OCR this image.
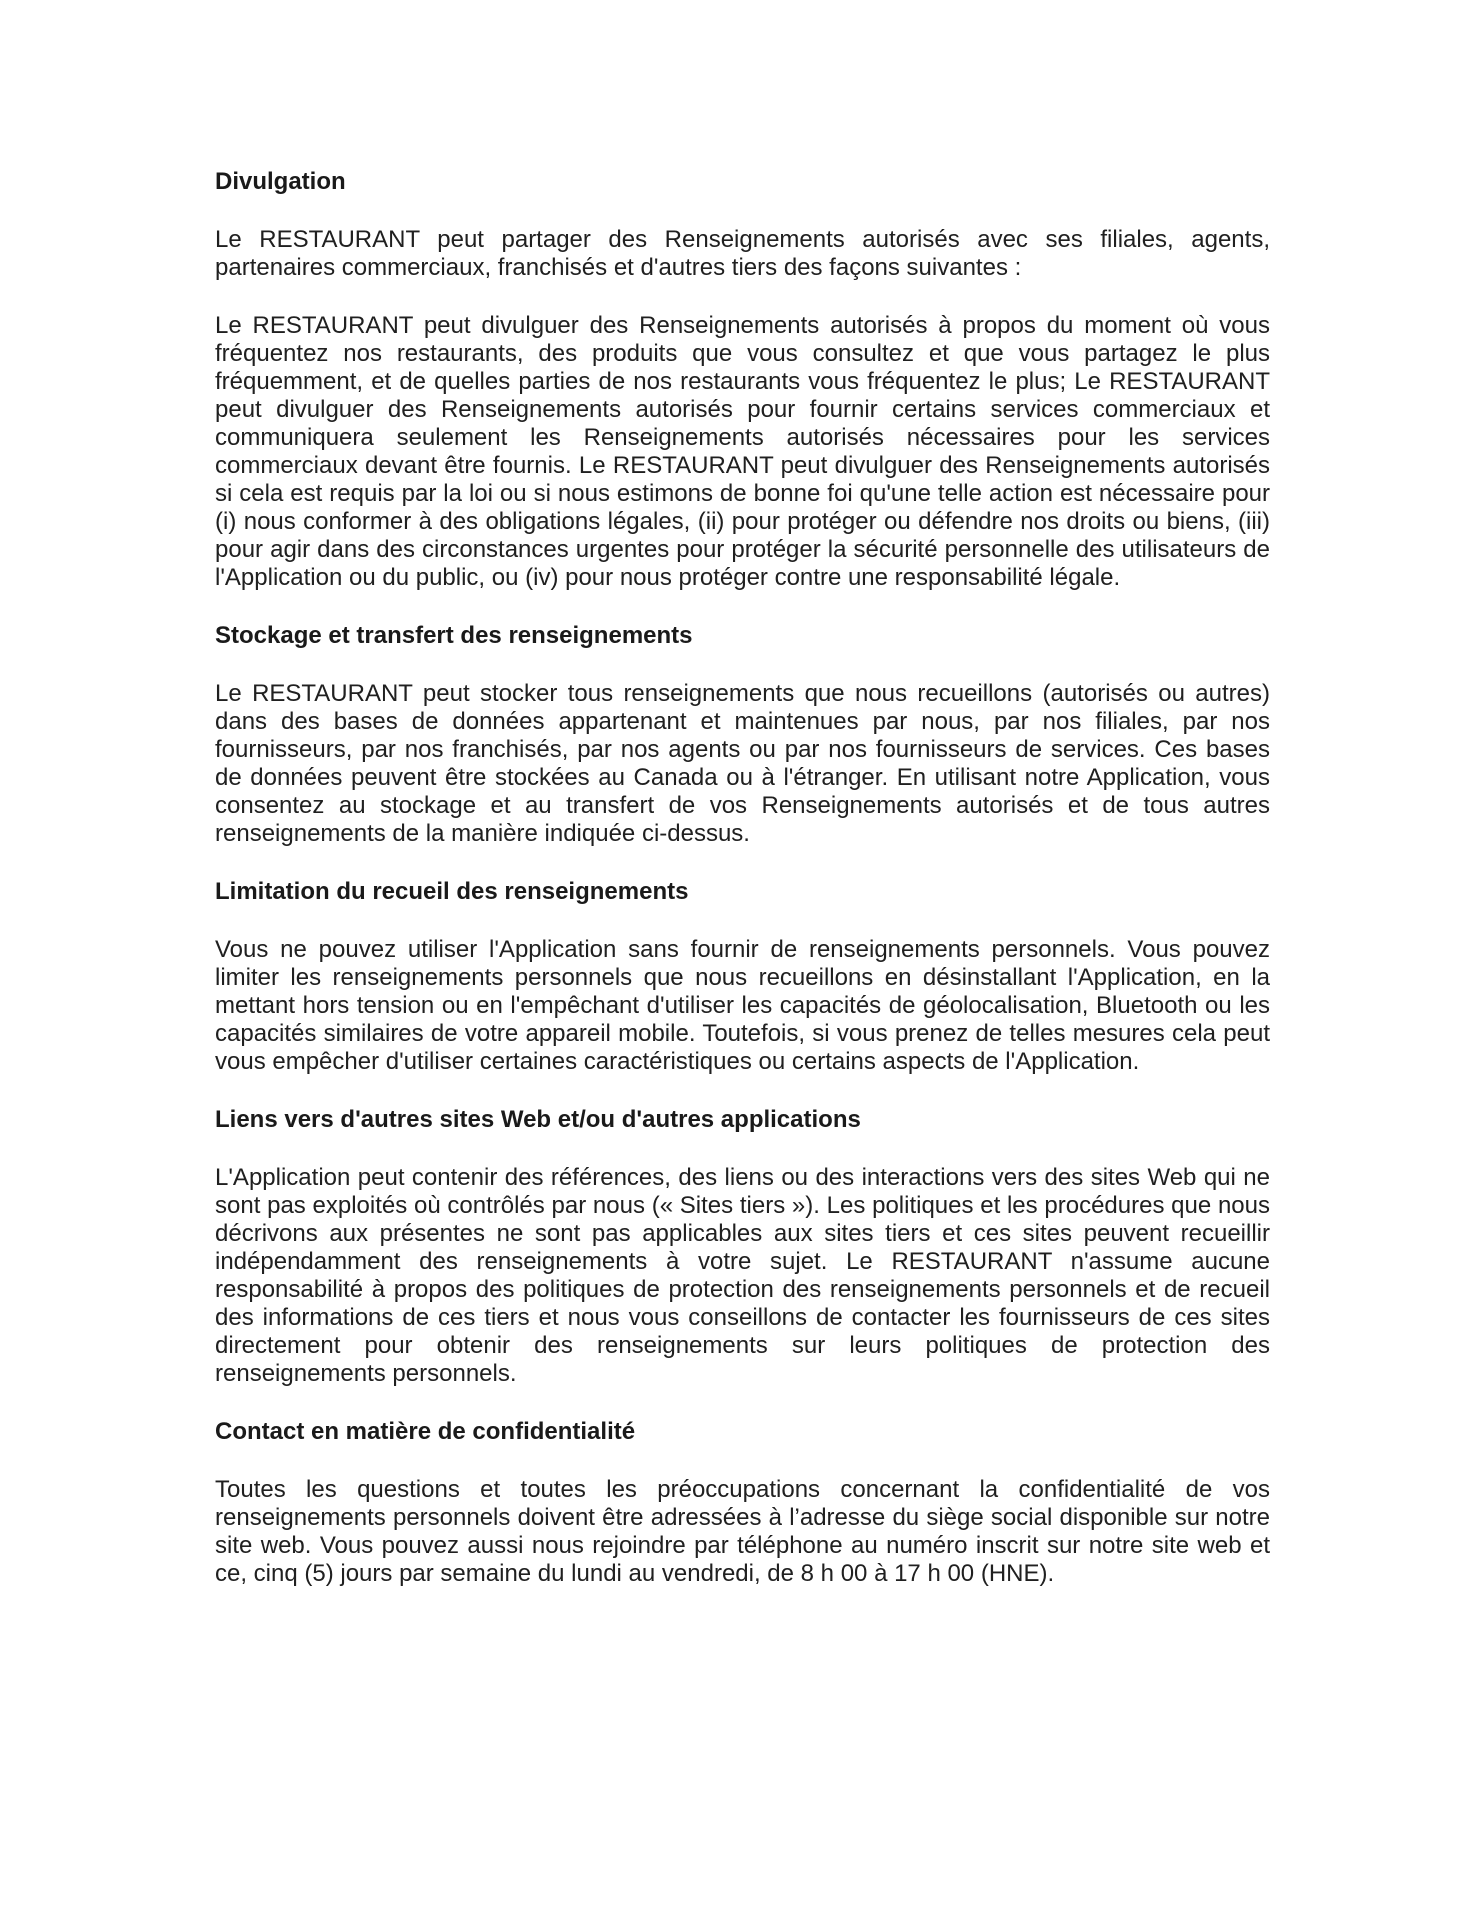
Divulgation

Le RESTAURANT peut partager des Renseignements autorisés avec ses filiales, agents, partenaires commerciaux, franchisés et d'autres tiers des façons suivantes :

Le RESTAURANT peut divulguer des Renseignements autorisés à propos du moment où vous fréquentez nos restaurants, des produits que vous consultez et que vous partagez le plus fréquemment, et de quelles parties de nos restaurants vous fréquentez le plus; Le RESTAURANT peut divulguer des Renseignements autorisés pour fournir certains services commerciaux et communiquera seulement les Renseignements autorisés nécessaires pour les services commerciaux devant être fournis. Le RESTAURANT peut divulguer des Renseignements autorisés si cela est requis par la loi ou si nous estimons de bonne foi qu'une telle action est nécessaire pour (i) nous conformer à des obligations légales, (ii) pour protéger ou défendre nos droits ou biens, (iii) pour agir dans des circonstances urgentes pour protéger la sécurité personnelle des utilisateurs de l'Application ou du public, ou (iv) pour nous protéger contre une responsabilité légale.

Stockage et transfert des renseignements

Le RESTAURANT peut stocker tous renseignements que nous recueillons (autorisés ou autres) dans des bases de données appartenant et maintenues par nous, par nos filiales, par nos fournisseurs, par nos franchisés, par nos agents ou par nos fournisseurs de services. Ces bases de données peuvent être stockées au Canada ou à l'étranger. En utilisant notre Application, vous consentez au stockage et au transfert de vos Renseignements autorisés et de tous autres renseignements de la manière indiquée ci-dessus.

Limitation du recueil des renseignements

Vous ne pouvez utiliser l'Application sans fournir de renseignements personnels. Vous pouvez limiter les renseignements personnels que nous recueillons en désinstallant l'Application, en la mettant hors tension ou en l'empêchant d'utiliser les capacités de géolocalisation, Bluetooth ou les capacités similaires de votre appareil mobile. Toutefois, si vous prenez de telles mesures cela peut vous empêcher d'utiliser certaines caractéristiques ou certains aspects de l'Application.

Liens vers d'autres sites Web et/ou d'autres applications

L'Application peut contenir des références, des liens ou des interactions vers des sites Web qui ne sont pas exploités où contrôlés par nous (« Sites tiers »). Les politiques et les procédures que nous décrivons aux présentes ne sont pas applicables aux sites tiers et ces sites peuvent recueillir indépendamment des renseignements à votre sujet. Le RESTAURANT n'assume aucune responsabilité à propos des politiques de protection des renseignements personnels et de recueil des informations de ces tiers et nous vous conseillons de contacter les fournisseurs de ces sites directement pour obtenir des renseignements sur leurs politiques de protection des renseignements personnels.

Contact en matière de confidentialité

Toutes les questions et toutes les préoccupations concernant la confidentialité de vos renseignements personnels doivent être adressées à l’adresse du siège social disponible sur notre site web. Vous pouvez aussi nous rejoindre par téléphone au numéro inscrit sur notre site web et ce, cinq (5) jours par semaine du lundi au vendredi, de 8 h 00 à 17 h 00 (HNE).
